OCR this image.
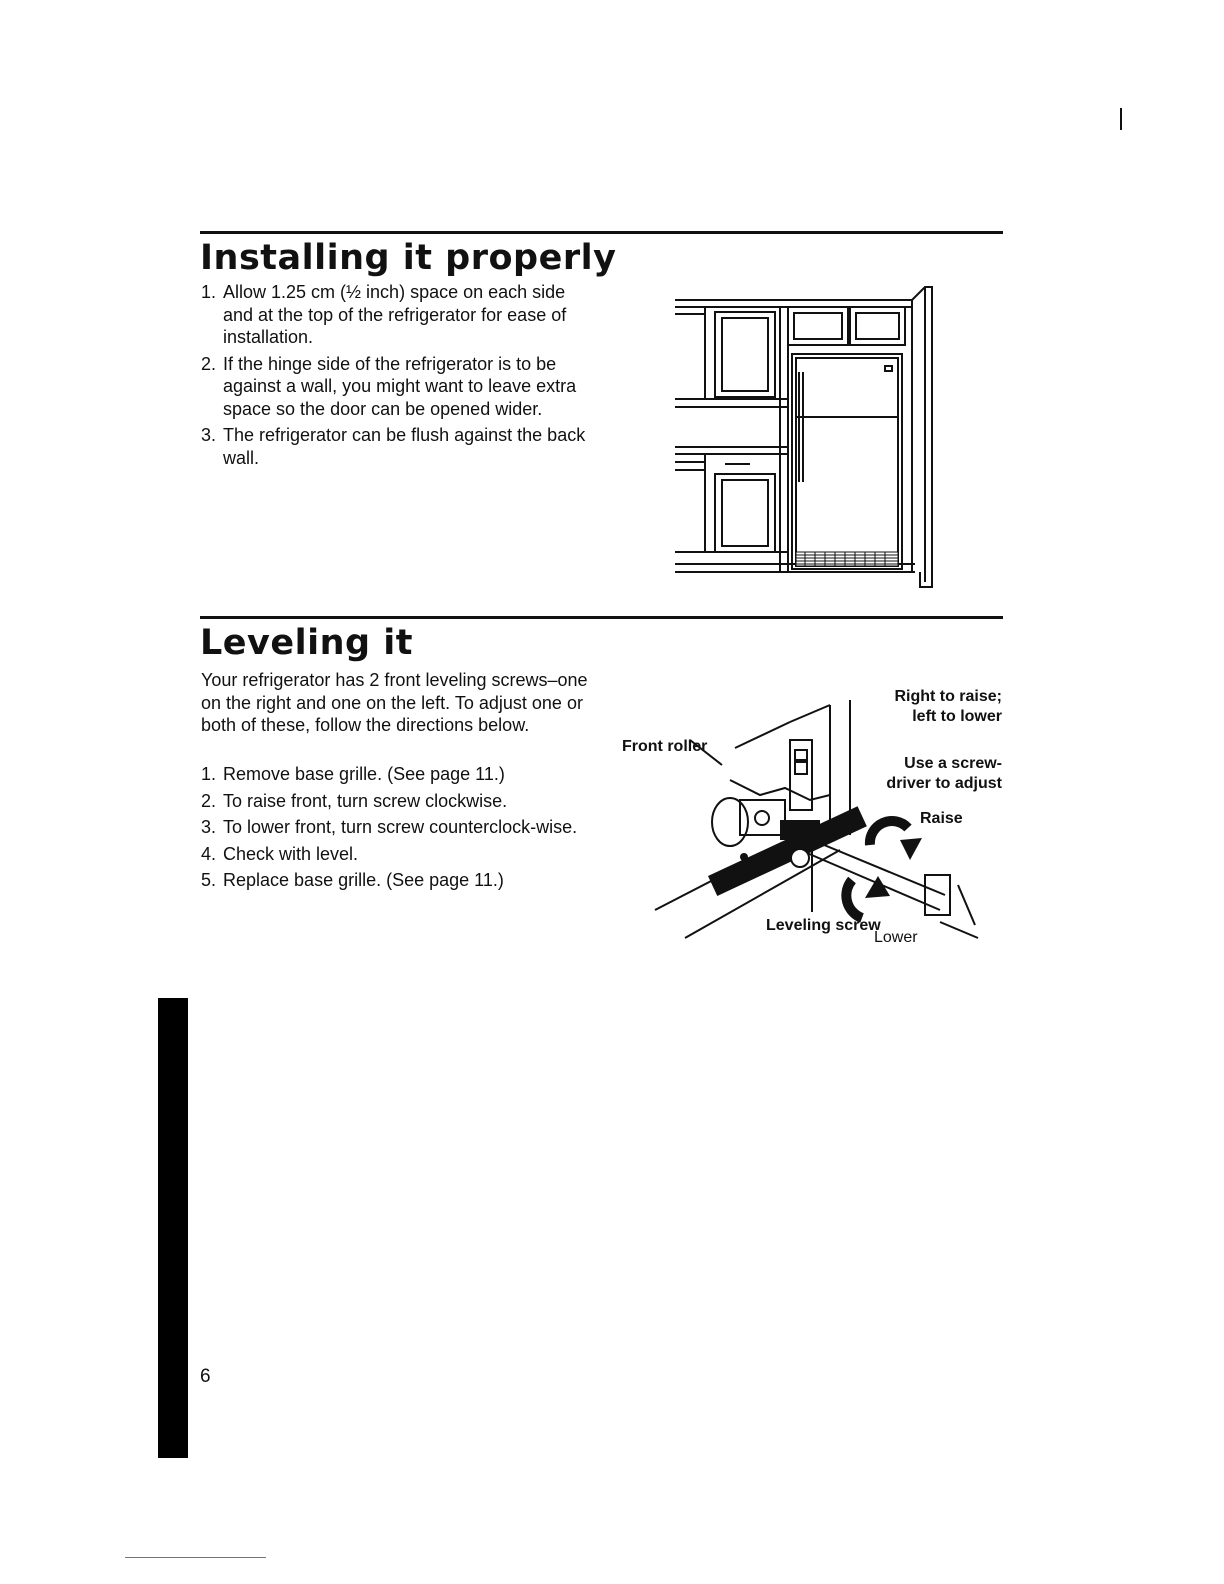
Installing it properly
1. Allow 1.25 cm (½ inch) space on each side and at the top of the refrigerator for ease of installation.
2. If the hinge side of the refrigerator is to be against a wall, you might want to leave extra space so the door can be opened wider.
3. The refrigerator can be flush against the back wall.
Leveling it

Your refrigerator has 2 front leveling screws–one on the right and one on the left. To adjust one or both of these, follow the directions below.

1. Remove base grille. (See page 11.)
2. To raise front, turn screw clockwise.
3. To lower front, turn screw counterclock-wise.
4. Check with level.
5. Replace base grille. (See page 11.)
Front roller
Leveling screw
Right to raise; left to lower
Use a screw-driver to adjust
Raise
Lower
6
